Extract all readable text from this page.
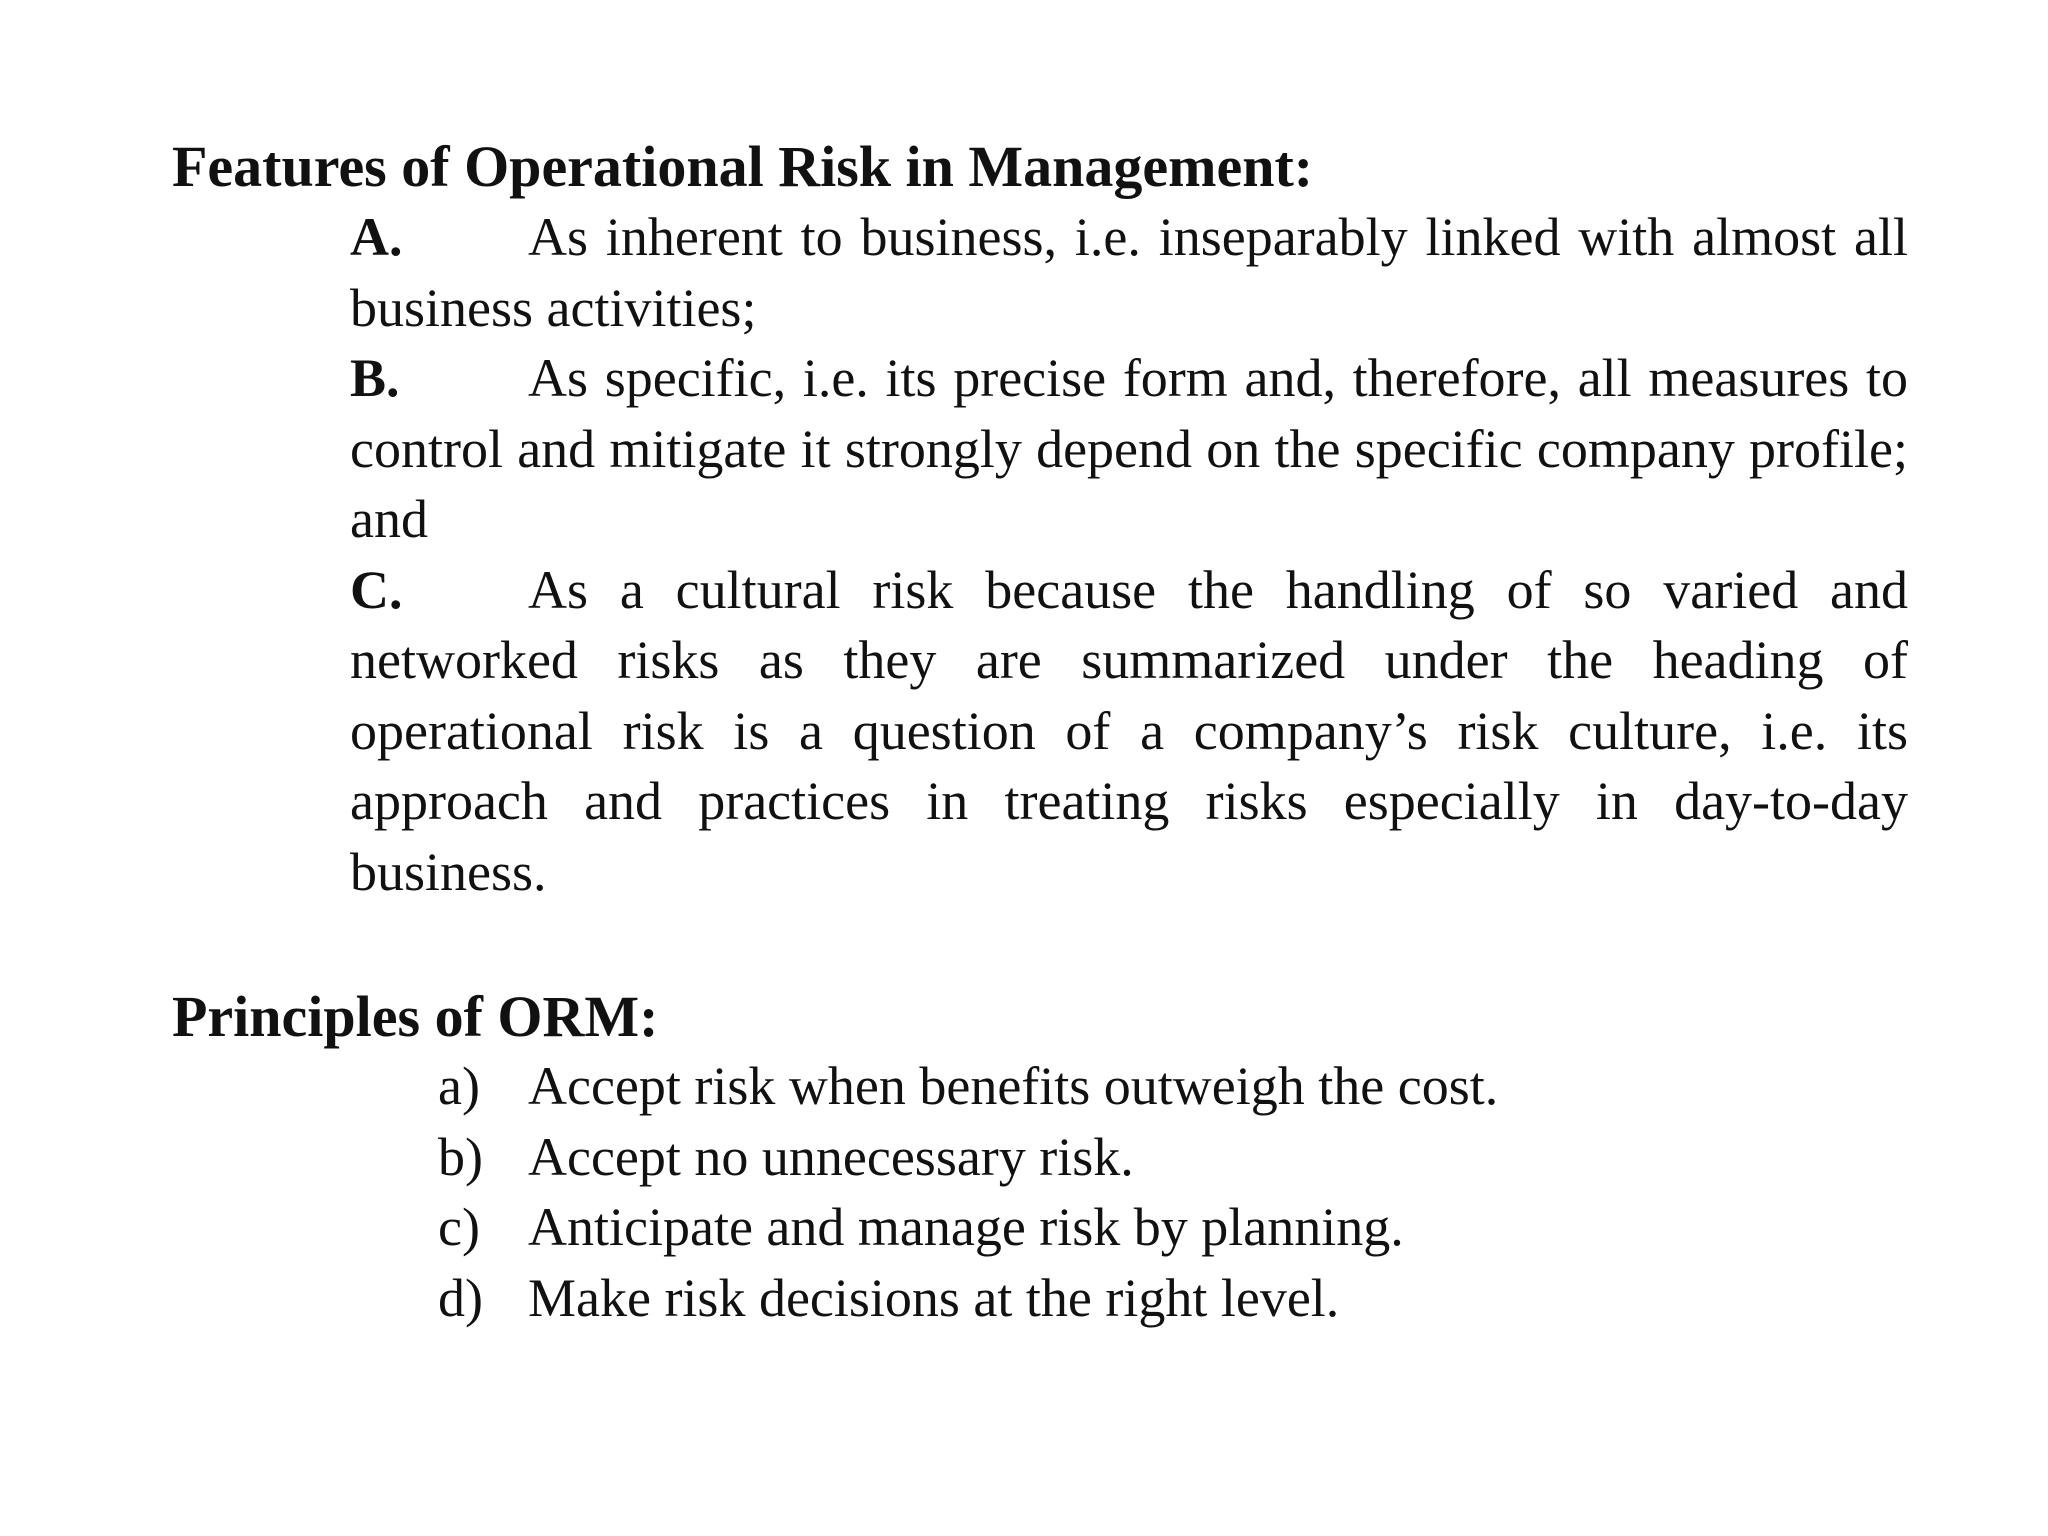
Features of Operational Risk in Management:

A. As inherent to business, i.e. inseparably linked with almost all business activities;

B. As specific, i.e. its precise form and, therefore, all measures to control and mitigate it strongly depend on the specific company profile; and

C. As a cultural risk because the handling of so varied and networked risks as they are summarized under the heading of operational risk is a question of a company’s risk culture, i.e. its approach and practices in treating risks especially in day-to-day business.

Principles of ORM:
a) Accept risk when benefits outweigh the cost.
b) Accept no unnecessary risk.
c) Anticipate and manage risk by planning.
d) Make risk decisions at the right level.
